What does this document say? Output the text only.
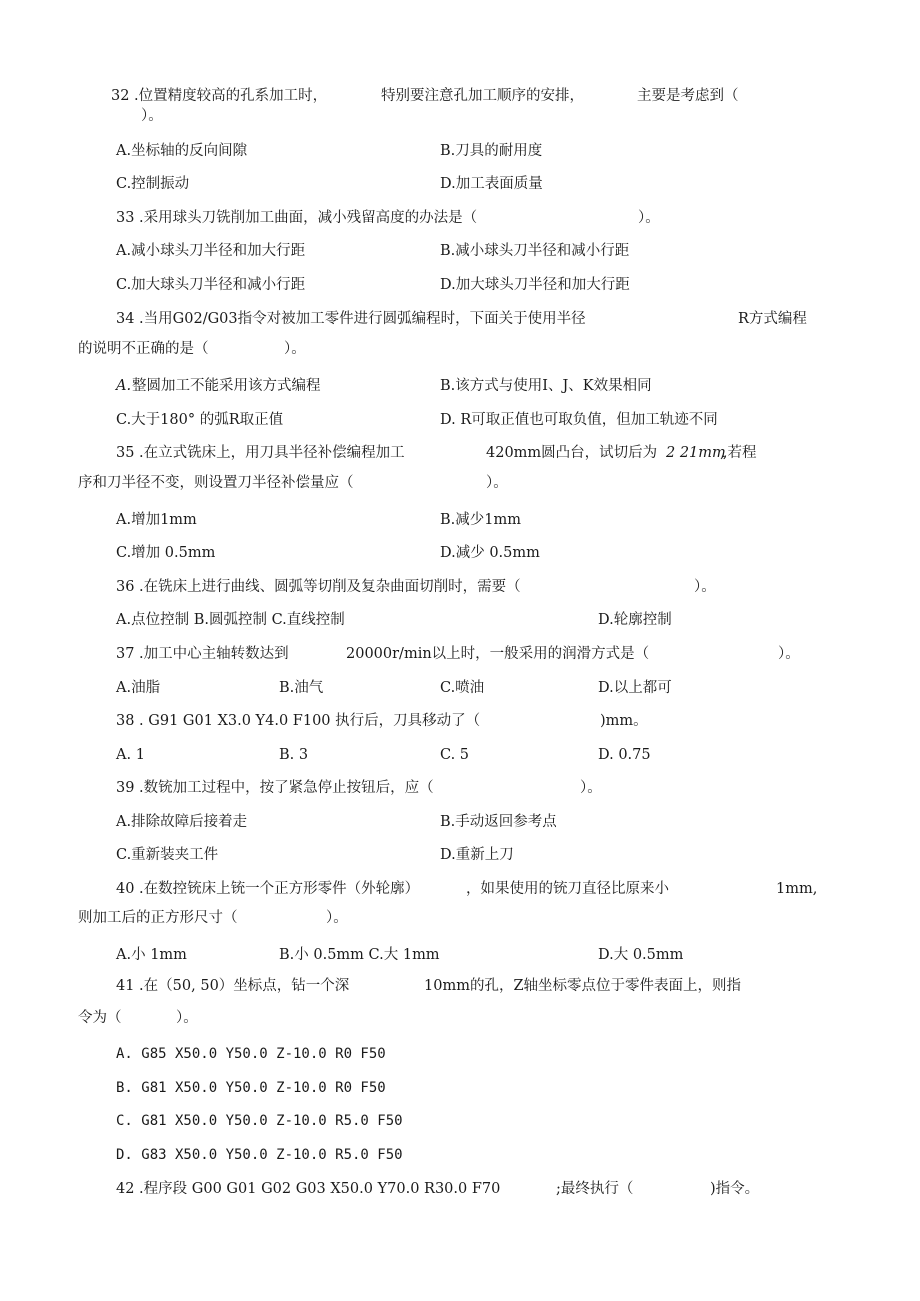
32 .位置精度较高的孔系加工时，	特别要注意孔加工顺序的安排，	主要是考虑到（
）。
A.坐标轴的反向间隙	B.刀具的耐用度
C.控制振动	D.加工表面质量
33 .采用球头刀铣削加工曲面，减小残留高度的办法是（	）。
A.减小球头刀半径和加大行距	B.减小球头刀半径和减小行距
C.加大球头刀半径和减小行距	D.加大球头刀半径和加大行距
34 .当用G02/G03指令对被加工零件进行圆弧编程时，下面关于使用半径	R方式编程
的说明不正确的是（	）。
A. 整圆加工不能采用该方式编程	B.该方式与使用I、J、K效果相同
C.大于180° 的弧R取正值	D. R可取正值也可取负值，但加工轨迹不同
35 .在立式铣床上，用刀具半径补偿编程加工	420mm圆凸台，试切后为 2 21mm
„若程
序和刀半径不变，则设置刀半径补偿量应（	）。
A.增加1mm	B.减少1mm
C.增加 0.5mm	D.减少 0.5mm
36 .在铣床上进行曲线、圆弧等切削及复杂曲面切削时，需要（	）。
A.点位控制 B.圆弧控制 C.直线控制	D.轮廓控制
37 .加工中心主轴转数达到	20000r/min以上时，一般采用的润滑方式是（	）。
A.油脂	B.油气	C.喷油	D.以上都可
38 . G91 G01 X3.0 Y4.0 F100 执行后，刀具移动了（	)mm。
A. 1	B. 3	C. 5	D. 0.75
39 .数铳加工过程中，按了紧急停止按钮后，应（	）。
A.排除故障后接着走	B.手动返回参考点
C.重新装夹工件	D.重新上刀
40 .在数控铳床上铳一个正方形零件（外轮廓）	，如果使用的铳刀直径比原来小	1mm,
则加工后的正方形尺寸（	）。
A.小 1mm	B.小 0.5mm C.大 1mm	D.大 0.5mm
41 .在（50, 50）坐标点，钻一个深	10mm的孔，Z轴坐标零点位于零件表面上，则指
令为（	）。
A. G85 X50.0 Y50.0 Z-10.0 R0 F50
B. G81 X50.0 Y50.0 Z-10.0 R0 F50
C. G81 X50.0 Y50.0 Z-10.0 R5.0 F50
D. G83 X50.0 Y50.0 Z-10.0 R5.0 F50
42 .程序段 G00 G01 G02 G03 X50.0 Y70.0 R30.0 F70	;最终执行（	)指令。
